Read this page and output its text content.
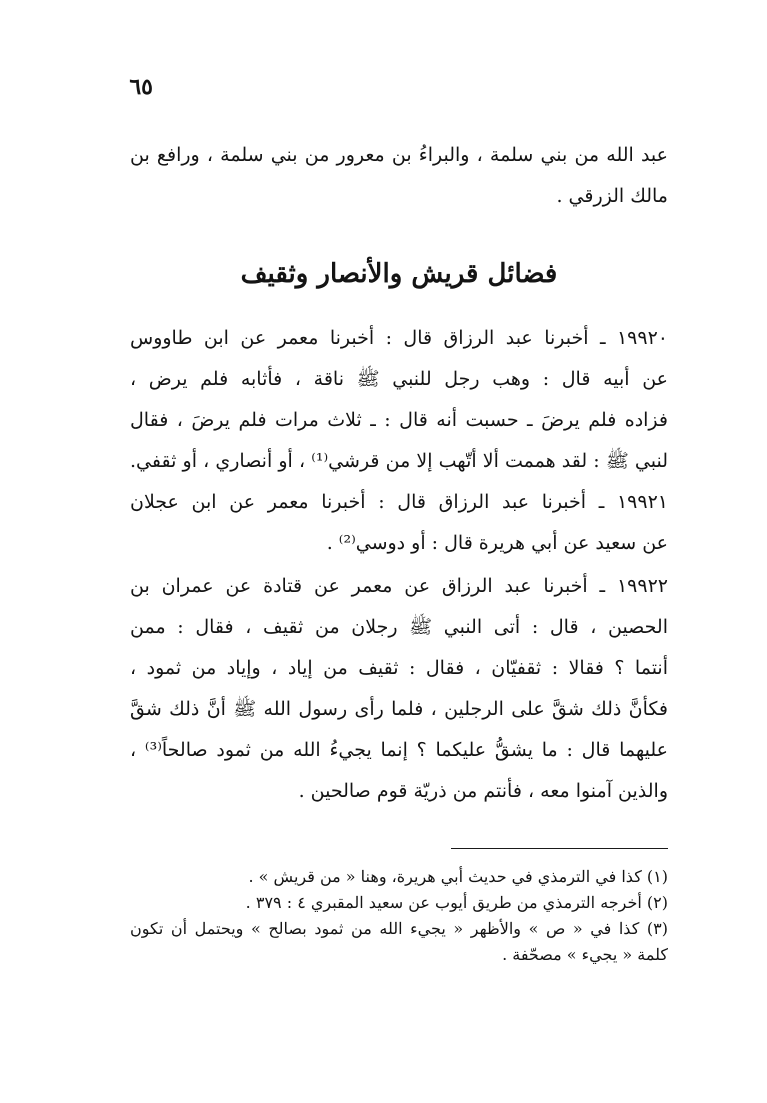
٦٥
عبد الله من بني سلمة ، والبراءُ بن معرور من بني سلمة ، ورافع بن
مالك الزرقي .
فضائل قريش والأنصار وثقيف
١٩٩٢٠ ـ أخبرنا عبد الرزاق قال : أخبرنا معمر عن ابن طاووس
عن أبيه قال : وهب رجل للنبي ﷺ ناقة ، فأثابه فلم يرض ،
فزاده فلم يرضَ ـ حسبت أنه قال : ـ ثلاث مرات فلم يرضَ ، فقال
لنبي ﷺ : لقد هممت ألا أتّهب إلا من قرشي⁽¹⁾ ، أو أنصاري ، أو ثقفي.
١٩٩٢١ ـ أخبرنا عبد الرزاق قال : أخبرنا معمر عن ابن عجلان
عن سعيد عن أبي هريرة قال : أو دوسي⁽²⁾ .
١٩٩٢٢ ـ أخبرنا عبد الرزاق عن معمر عن قتادة عن عمران بن
الحصين ، قال : أتى النبي ﷺ رجلان من ثقيف ، فقال : ممن
أنتما ؟ فقالا : ثقفيّان ، فقال : ثقيف من إياد ، وإياد من ثمود ،
فكأنَّ ذلك شقَّ على الرجلين ، فلما رأى رسول الله ﷺ أنَّ ذلك شقَّ
عليهما قال : ما يشقُّ عليكما ؟ إنما يجيءُ الله من ثمود صالحاً⁽³⁾ ،
والذين آمنوا معه ، فأنتم من ذريّة قوم صالحين .
(١) كذا في الترمذي في حديث أبي هريرة، وهنا « من قريش » .
(٢) أخرجه الترمذي من طريق أيوب عن سعيد المقبري ٤ : ٣٧٩ .
(٣) كذا في « ص » والأظهر « يجيء الله من ثمود بصالح » ويحتمل أن تكون
كلمة « يجيء » مصحّفة .
